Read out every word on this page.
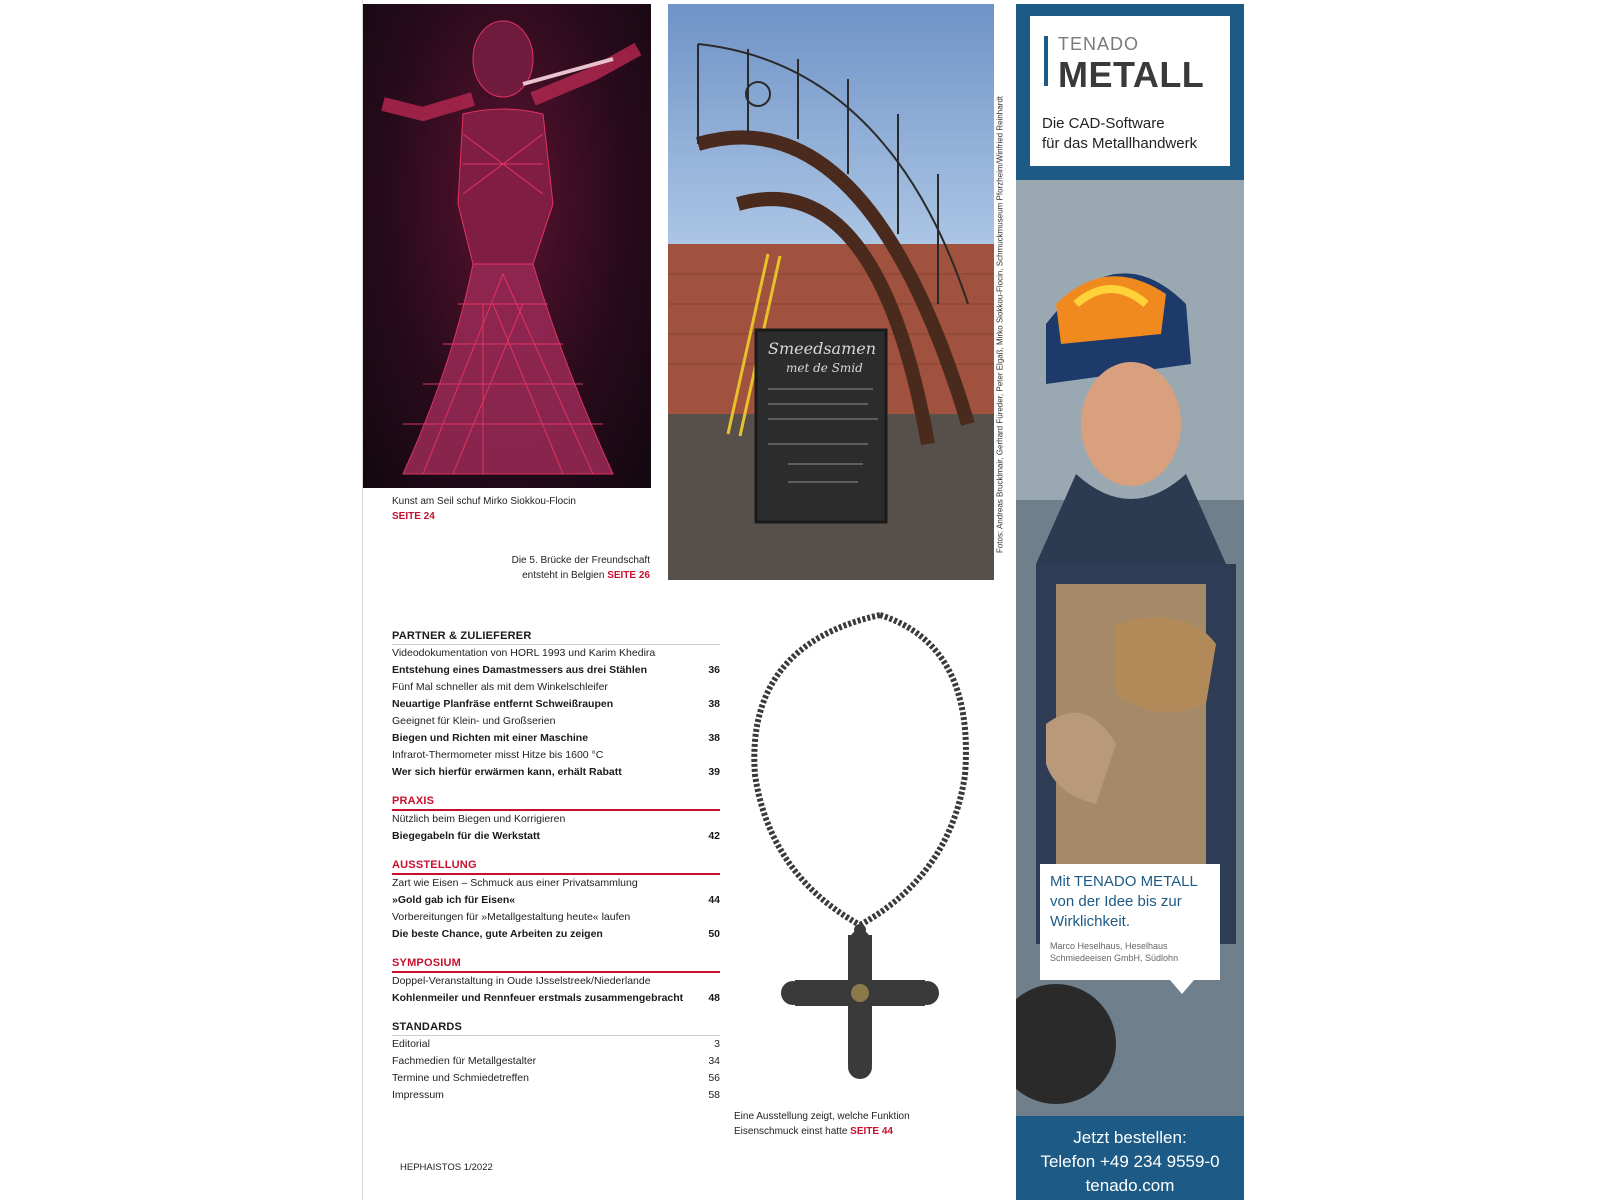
Smeedsamen
met de Smid	Fotos: Andreas Brucklmair, Gerhard Füreder, Peter Elgaß, Mirko Siokkou-Flocin, Schmuckmuseum Pforzheim/Winfried Reinhardt
Kunst am Seil schuf Mirko Siokkou-Flocin
SEITE 24
Die 5. Brücke der Freundschaft
entsteht in Belgien SEITE 26
PARTNER & ZULIEFERER
Videodokumentation von HORL 1993 und Karim Khedira
Entstehung eines Damastmessers aus drei Stählen	36
Fünf Mal schneller als mit dem Winkelschleifer
Neuartige Planfräse entfernt Schweißraupen	38
Geeignet für Klein- und Großserien
Biegen und Richten mit einer Maschine	38
Infrarot-Thermometer misst Hitze bis 1600 °C
Wer sich hierfür erwärmen kann, erhält Rabatt	39
PRAXIS
Nützlich beim Biegen und Korrigieren
Biegegabeln für die Werkstatt	42
AUSSTELLUNG
Zart wie Eisen – Schmuck aus einer Privatsammlung
»Gold gab ich für Eisen«	44
Vorbereitungen für »Metallgestaltung heute« laufen
Die beste Chance, gute Arbeiten zu zeigen	50
SYMPOSIUM
Doppel-Veranstaltung in Oude IJsselstreek/Niederlande
Kohlenmeiler und Rennfeuer erstmals zusammengebracht 48
STANDARDS
Editorial	3
Fachmedien für Metallgestalter	34
Termine und Schmiedetreffen	56
Impressum	58
Eine Ausstellung zeigt, welche Funktion
Eisenschmuck einst hatte SEITE 44
HEPHAISTOS 1/2022
TENADO
METALL
Die CAD-Software
für das Metallhandwerk
Mit TENADO METALL von der Idee bis zur Wirklichkeit.
Marco Heselhaus, Heselhaus Schmiedeeisen GmbH, Südlohn
Jetzt bestellen:
Telefon +49 234 9559-0
tenado.com
